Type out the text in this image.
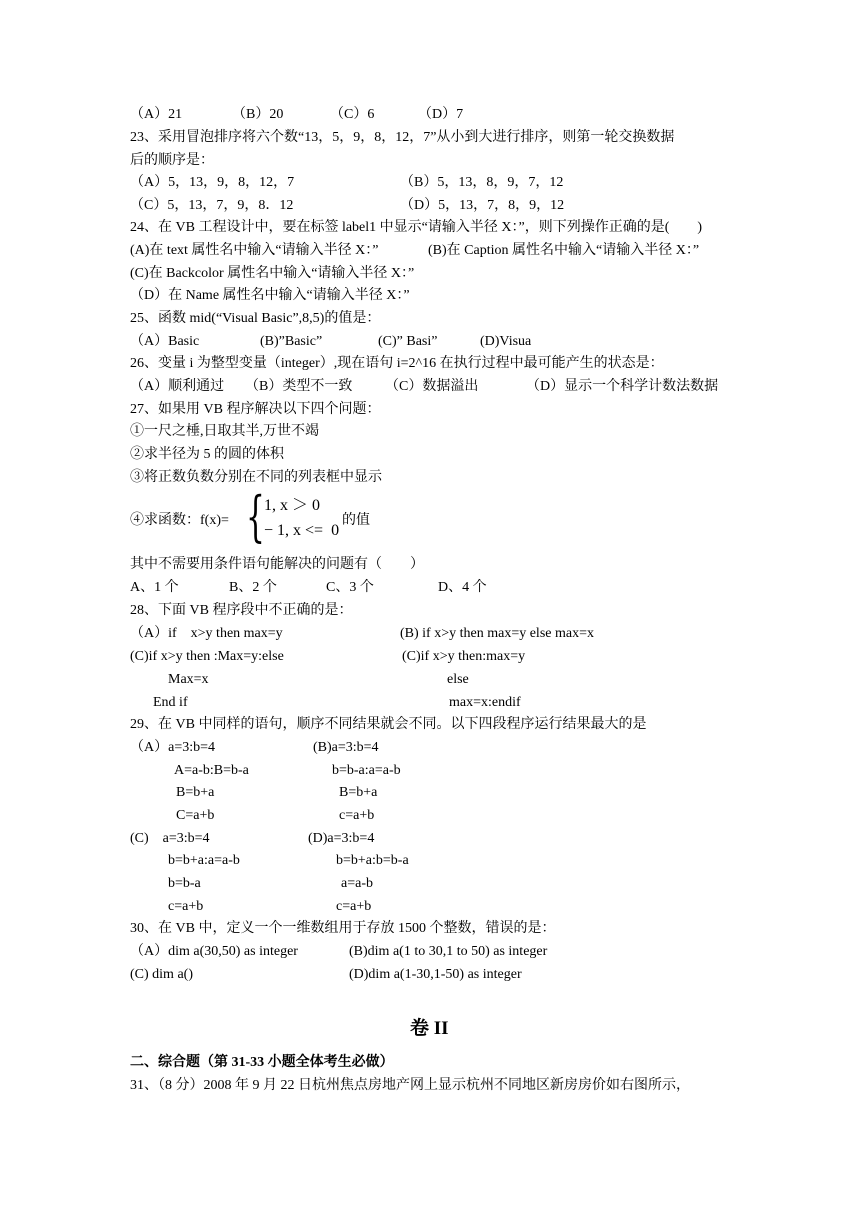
（A）21	（B）20	（C）6	（D）7
23、采用冒泡排序将六个数“13，5，9，8，12，7”从小到大进行排序，则第一轮交换数据
后的顺序是：
（A）5，13，9，8，12，7	（B）5，13，8，9，7，12
（C）5，13，7，9，8．12	（D）5，13，7，8，9，12
24、在 VB 工程设计中，要在标签 label1 中显示“请输入半径 X：”，则下列操作正确的是(　　)
(A)在 text 属性名中输入“请输入半径 X：”	(B)在 Caption 属性名中输入“请输入半径 X：”
(C)在 Backcolor 属性名中输入“请输入半径 X：”
（D）在 Name 属性名中输入“请输入半径 X：”
25、函数 mid(“Visual Basic”,8,5)的值是：
（A）Basic	(B)”Basic”	(C)” Basi”	(D)Visua
26、变量 i 为整型变量（integer）,现在语句 i=2^16 在执行过程中最可能产生的状态是：
（A）顺利通过 （B）类型不一致 （C）数据溢出	（D）显示一个科学计数法数据
27、如果用 VB 程序解决以下四个问题：
①一尺之棰,日取其半,万世不竭
②求半径为 5 的圆的体积
③将正数负数分别在不同的列表框中显示
④求函数：f(x)= { 1, x ＞ 0
− 1, x <=  0
的值
其中不需要用条件语句能解决的问题有（　　）
A、1 个	B、2 个	C、3 个	D、4 个
28、下面 VB 程序段中不正确的是：
（A）if　x>y then max=y	(B) if x>y then max=y else max=x
(C)if x>y then :Max=y:else	(C)if x>y then:max=y
Max=x	else
End if	max=x:endif
29、在 VB 中同样的语句，顺序不同结果就会不同。以下四段程序运行结果最大的是
（A）a=3:b=4	(B)a=3:b=4
A=a-b:B=b-a	b=b-a:a=a-b
B=b+a	B=b+a
C=a+b	c=a+b
(C)　a=3:b=4	(D)a=3:b=4
b=b+a:a=a-b	b=b+a:b=b-a
b=b-a	a=a-b
c=a+b	c=a+b
30、在 VB 中，定义一个一维数组用于存放 1500 个整数，错误的是：
（A）dim a(30,50) as integer	(B)dim a(1 to 30,1 to 50) as integer
(C) dim a()	(D)dim a(1-30,1-50) as integer
卷 II
二、综合题（第 31-33 小题全体考生必做）
31、（8 分）2008 年 9 月 22 日杭州焦点房地产网上显示杭州不同地区新房房价如右图所示，
